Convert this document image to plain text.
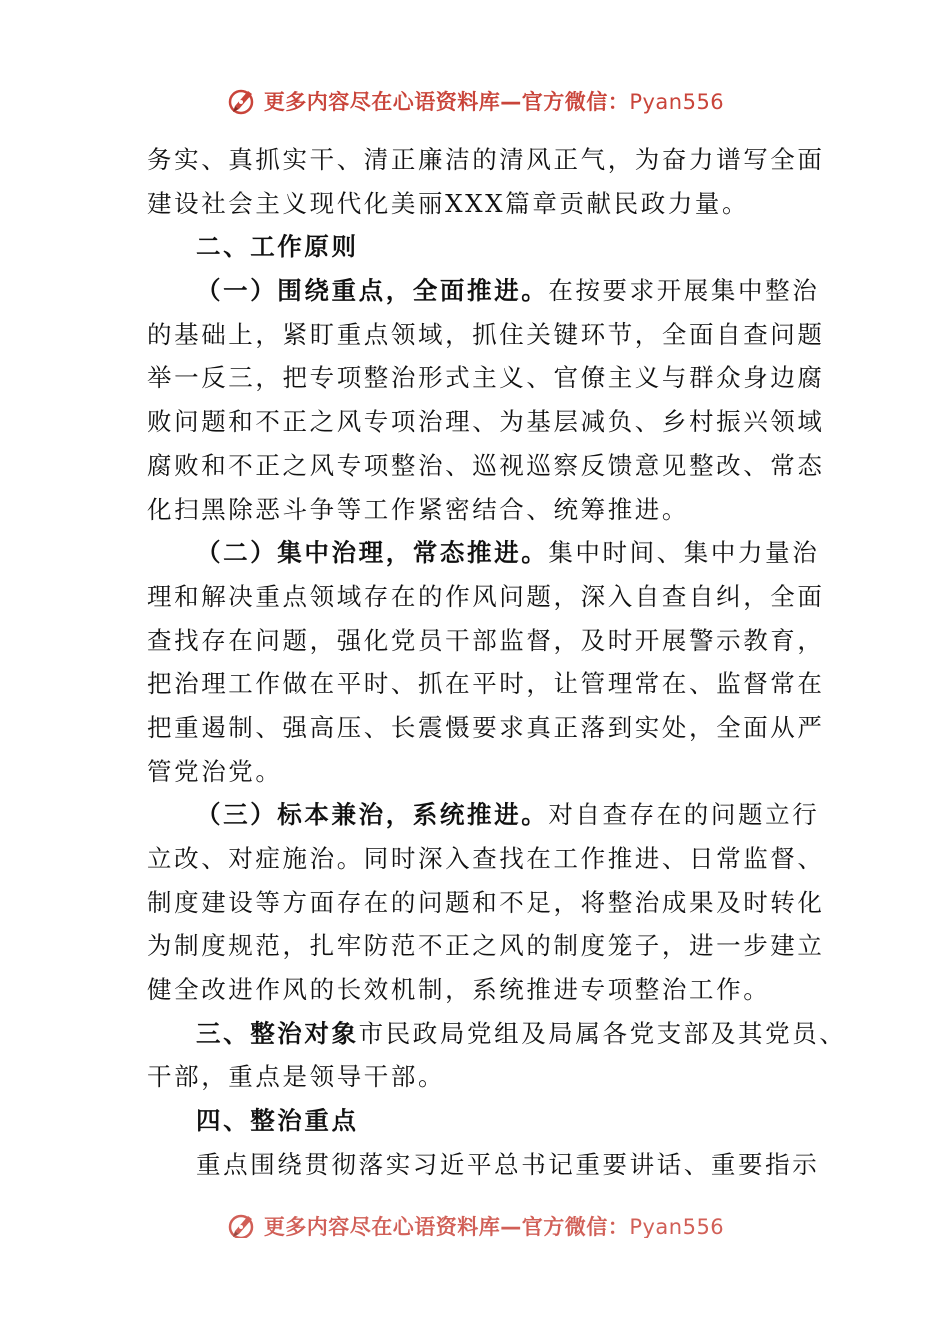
更多内容尽在心语资料库—官方微信：Pyan556
务实、真抓实干、清正廉洁的清风正气，为奋力谱写全面
建设社会主义现代化美丽XXX篇章贡献民政力量。
二、工作原则
（一）围绕重点，全面推进。在按要求开展集中整治
的基础上，紧盯重点领域，抓住关键环节，全面自查问题
举一反三，把专项整治形式主义、官僚主义与群众身边腐
败问题和不正之风专项治理、为基层减负、乡村振兴领域
腐败和不正之风专项整治、巡视巡察反馈意见整改、常态
化扫黑除恶斗争等工作紧密结合、统筹推进。
（二）集中治理，常态推进。集中时间、集中力量治
理和解决重点领域存在的作风问题，深入自查自纠，全面
查找存在问题，强化党员干部监督，及时开展警示教育，
把治理工作做在平时、抓在平时，让管理常在、监督常在
把重遏制、强高压、长震慑要求真正落到实处，全面从严
管党治党。
（三）标本兼治，系统推进。对自查存在的问题立行
立改、对症施治。同时深入查找在工作推进、日常监督、
制度建设等方面存在的问题和不足，将整治成果及时转化
为制度规范，扎牢防范不正之风的制度笼子，进一步建立
健全改进作风的长效机制，系统推进专项整治工作。
三、整治对象市民政局党组及局属各党支部及其党员、
干部，重点是领导干部。
四、整治重点
重点围绕贯彻落实习近平总书记重要讲话、重要指示
更多内容尽在心语资料库—官方微信：Pyan556
